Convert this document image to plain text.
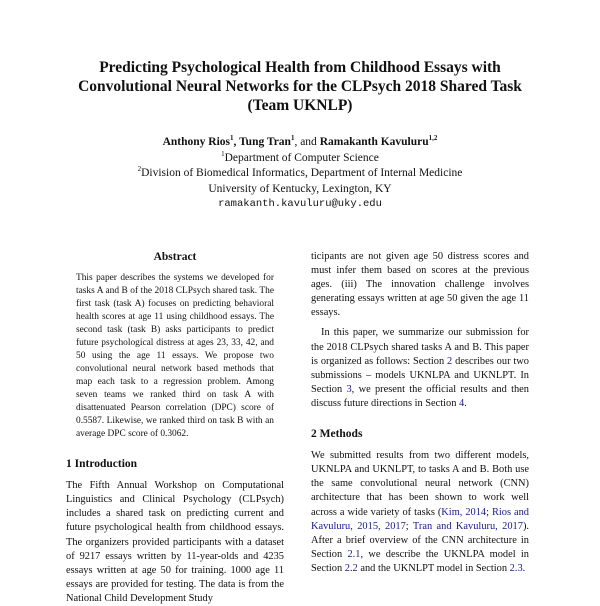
Predicting Psychological Health from Childhood Essays with
Convolutional Neural Networks for the CLPsych 2018 Shared Task
(Team UKNLP)
Anthony Rios$^1$, Tung Tran$^1$, and Ramakanth Kavuluru$^{1,2}$
$^1$Department of Computer Science
$^2$Division of Biomedical Informatics, Department of Internal Medicine
University of Kentucky, Lexington, KY
ramakanth.kavuluru@uky.edu
Abstract

This paper describes the systems we developed for tasks A and B of the 2018 CLPsych shared task. The first task (task A) focuses on predicting behavioral health scores at age 11 using childhood essays. The second task (task B) asks participants to predict future psychological distress at ages 23, 33, 42, and 50 using the age 11 essays. We propose two convolutional neural network based methods that map each task to a regression problem. Among seven teams we ranked third on task A with disattenuated Pearson correlation (DPC) score of 0.5587. Likewise, we ranked third on task B with an average DPC score of 0.3062.

1 Introduction

The Fifth Annual Workshop on Computational Linguistics and Clinical Psychology (CLPsych) includes a shared task on predicting current and future psychological health from childhood essays. The organizers provided participants with a dataset of 9217 essays written by 11-year-olds and 4235 essays written at age 50 for training. 1000 age 11 essays are provided for testing. The data is from the National Child Development Study

ticipants are not given age 50 distress scores and must infer them based on scores at the previous ages. (iii) The innovation challenge involves generating essays written at age 50 given the age 11 essays.

In this paper, we summarize our submission for the 2018 CLPsych shared tasks A and B. This paper is organized as follows: Section 2 describes our two submissions – models UKNLPA and UKNLPT. In Section 3, we present the official results and then discuss future directions in Section 4.

2 Methods

We submitted results from two different models, UKNLPA and UKNLPT, to tasks A and B. Both use the same convolutional neural network (CNN) architecture that has been shown to work well across a wide variety of tasks (Kim, 2014; Rios and Kavuluru, 2015, 2017; Tran and Kavuluru, 2017). After a brief overview of the CNN architecture in Section 2.1, we describe the UKNLPA model in Section 2.2 and the UKNLPT model in Section 2.3.
